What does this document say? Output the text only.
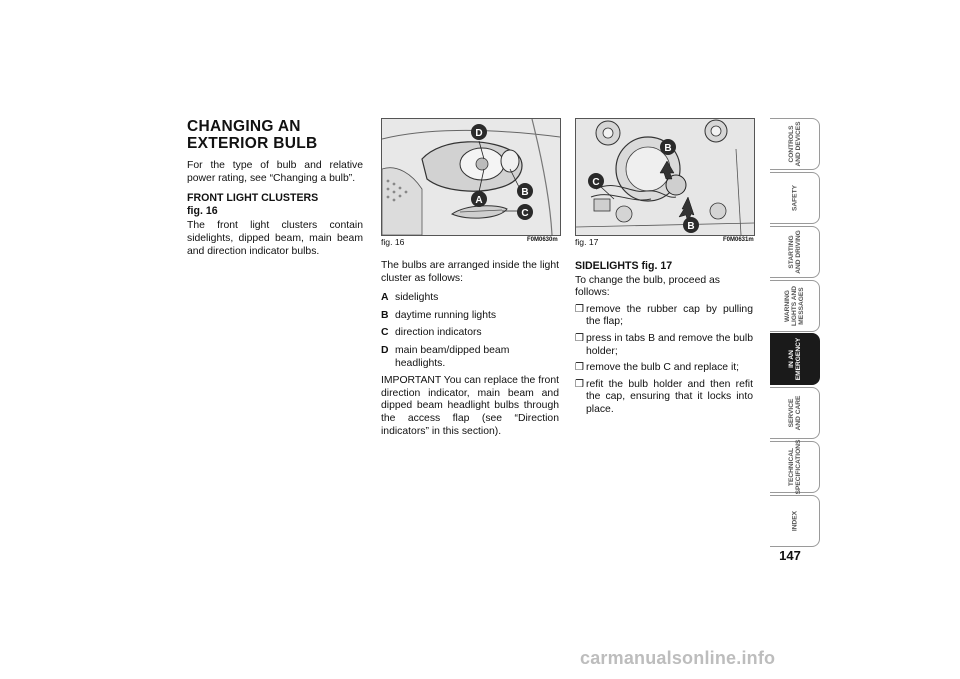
CHANGING AN
EXTERIOR BULB

For the type of bulb and relative power rating, see “Changing a bulb”.

FRONT LIGHT CLUSTERS
fig. 16

The front light clusters contain sidelights, dipped beam, main beam and direction indicator bulbs.

D
A
B
C
fig. 16	F0M0630m
B
C
B
fig. 17	F0M0631m

The bulbs are arranged inside the light cluster as follows:

A sidelights
B daytime running lights
C direction indicators
D main beam/dipped beam headlights.

IMPORTANT You can replace the front direction indicator, main beam and dipped beam headlight bulbs through the access flap (see “Direction indicators” in this section).

SIDELIGHTS fig. 17

To change the bulb, proceed as follows:

❒ remove the rubber cap by pulling the flap;
❒ press in tabs B and remove the bulb holder;
❒ remove the bulb C and replace it;
❒ refit the bulb holder and then refit the cap, ensuring that it locks into place.
CONTROLS
AND DEVICES
SAFETY
STARTING
AND DRIVING
WARNING
LIGHTS AND
MESSAGES
IN AN
EMERGENCY
SERVICE
AND CARE
TECHNICAL
SPECIFICATIONS
INDEX
147
carmanualsonline.info
